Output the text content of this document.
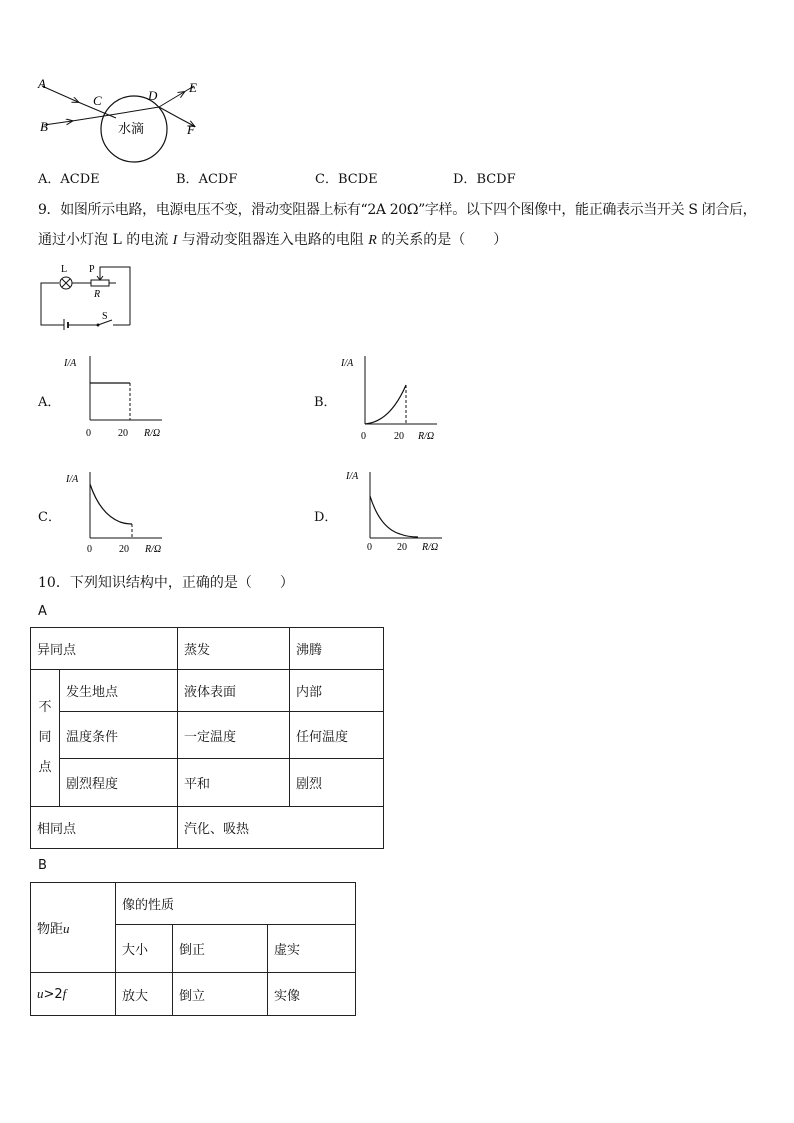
A
B
C	D
E
F
水滴
A．ACDE	B．ACDF	C．BCDE	D．BCDF
9．如图所示电路，电源电压不变，滑动变阻器上标有“2A 20Ω”字样。以下四个图像中，能正确表示当开关 S 闭合后，
通过小灯泡 L 的电流 I 与滑动变阻器连入电路的电阻 R 的关系的是（　　）
L P
R
S
A．
I/A
0	20 R/Ω
B．
I/A
0	20 R/Ω
C．
I/A
0	20 R/Ω
D．
I/A
0	20 R/Ω
10．下列知识结构中，正确的是（　　）
A
异同点		蒸发	沸腾

不
同
点	发生地点	液体表面	内部
	温度条件	一定温度	任何温度
	剧烈程度	平和	剧烈
相同点		汽化、吸热	
B
物距u	像的性质		
	大小	倒正	虚实
u>2f	放大	倒立	实像
